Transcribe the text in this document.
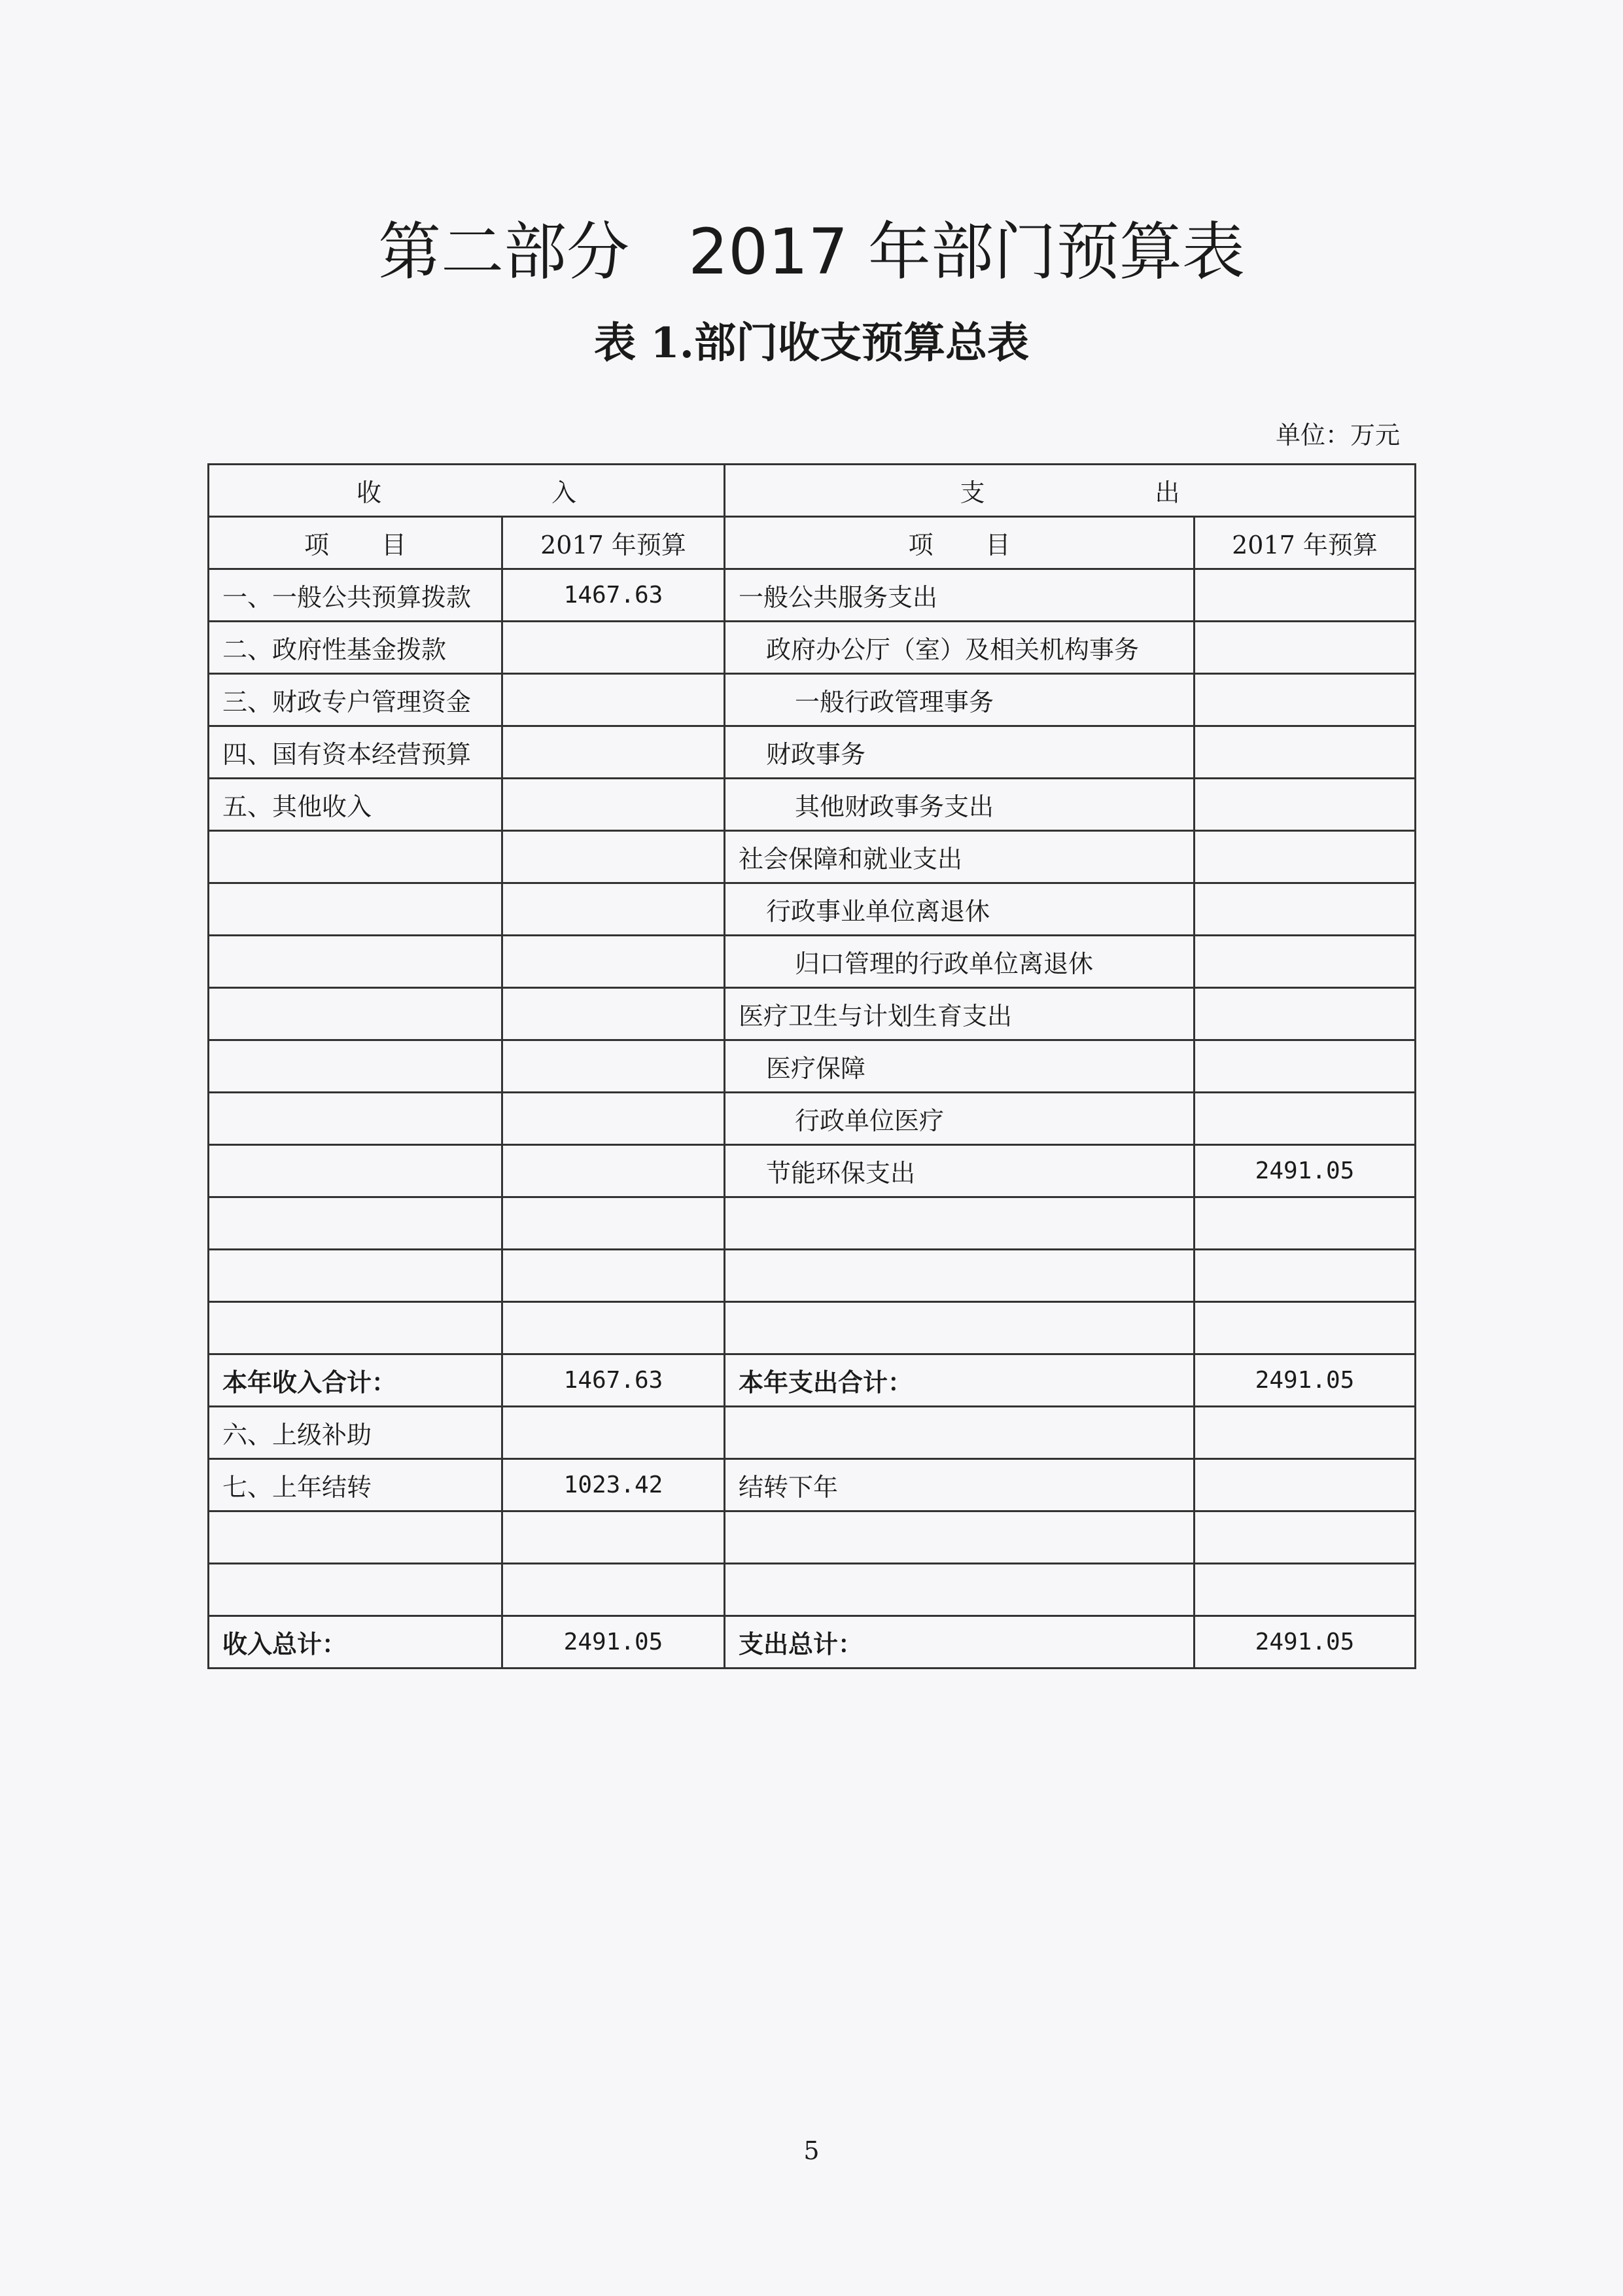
第二部分 2017 年部门预算表
表 1.部门收支预算总表
单位：万元
收 入		支 出	
项 目	2017 年预算	项 目	2017 年预算
一、一般公共预算拨款	1467.63	一般公共服务支出	
二、政府性基金拨款		政府办公厅（室）及相关机构事务	
三、财政专户管理资金		一般行政管理事务	
四、国有资本经营预算		财政事务	
五、其他收入		其他财政事务支出	
		社会保障和就业支出	
		行政事业单位离退休	
		归口管理的行政单位离退休	
		医疗卫生与计划生育支出	
		医疗保障	
		行政单位医疗	
		节能环保支出	2491.05

本年收入合计：	1467.63	本年支出合计：	2491.05
六、上级补助			
七、上年结转	1023.42	结转下年	

收入总计：	2491.05	支出总计：	2491.05
5
